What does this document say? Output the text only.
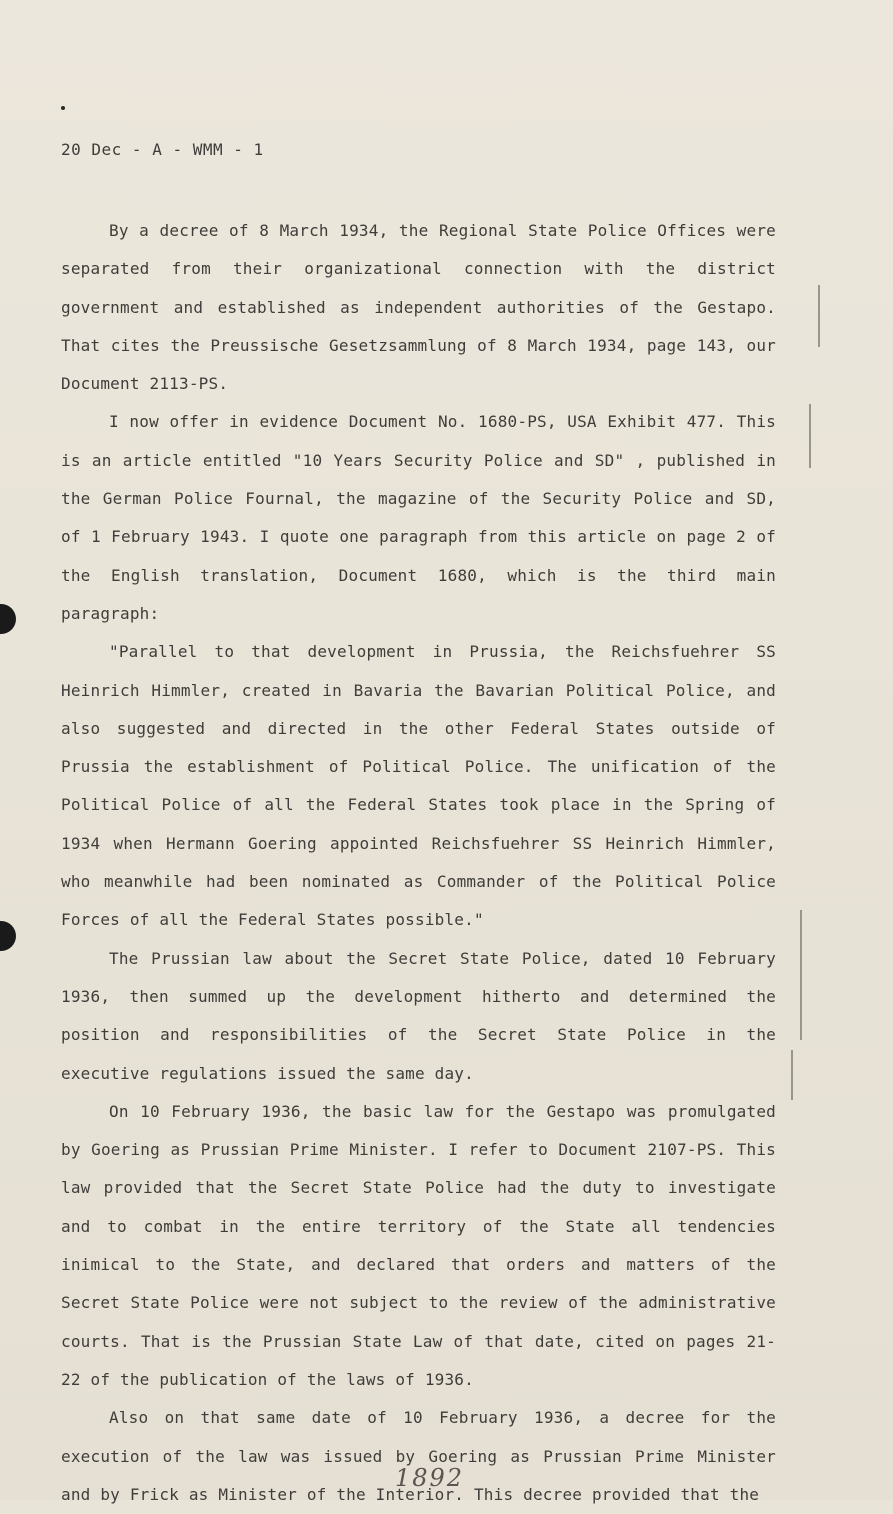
20 Dec - A - WMM - 1

By a decree of 8 March 1934, the Regional State Police Offices were separated from their organizational connection with the district government and established as independent authorities of the Gestapo. That cites the Preussische Gesetzsammlung of 8 March 1934, page 143, our Document 2113-PS.

I now offer in evidence Document No. 1680-PS, USA Exhibit 477. This is an article entitled "10 Years Security Police and SD" , published in the German Police Fournal, the magazine of the Security Police and SD, of 1 February 1943. I quote one paragraph from this article on page 2 of the English translation, Document 1680, which is the third main paragraph:

"Parallel to that development in Prussia, the Reichsfuehrer SS Heinrich Himmler, created in Bavaria the Bavarian Political Police, and also suggested and directed in the other Federal States outside of Prussia the establishment of Political Police. The unification of the Political Police of all the Federal States took place in the Spring of 1934 when Hermann Goering appointed Reichsfuehrer SS Heinrich Himmler, who meanwhile had been nominated as Commander of the Political Police Forces of all the Federal States possible."

The Prussian law about the Secret State Police, dated 10 February 1936, then summed up the development hitherto and determined the position and responsibilities of the Secret State Police in the executive regulations issued the same day.

On 10 February 1936, the basic law for the Gestapo was promulgated by Goering as Prussian Prime Minister. I refer to Document 2107-PS. This law provided that the Secret State Police had the duty to investigate and to combat in the entire territory of the State all tendencies inimical to the State, and declared that orders and matters of the Secret State Police were not subject to the review of the administrative courts. That is the Prussian State Law of that date, cited on pages 21-22 of the publication of the laws of 1936.

Also on that same date of 10 February 1936, a decree for the execution of the law was issued by Goering as Prussian Prime Minister and by Frick as Minister of the Interior. This decree provided that the

1892
